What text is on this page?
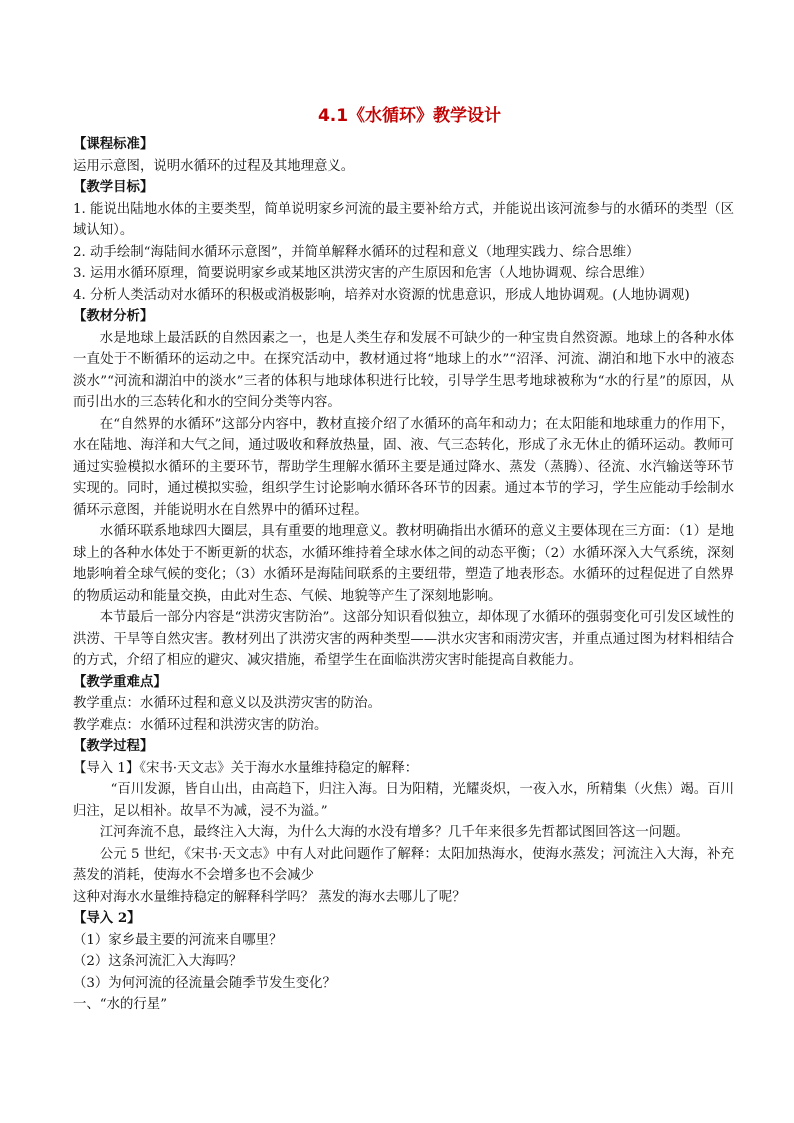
4.1《水循环》教学设计

【课程标准】

运用示意图，说明水循环的过程及其地理意义。

【教学目标】

1. 能说出陆地水体的主要类型，简单说明家乡河流的最主要补给方式，并能说出该河流参与的水循环的类型（区域认知）。

2. 动手绘制“海陆间水循环示意图”，并简单解释水循环的过程和意义（地理实践力、综合思维）

3. 运用水循环原理，简要说明家乡或某地区洪涝灾害的产生原因和危害（人地协调观、综合思维）

4. 分析人类活动对水循环的积极或消极影响，培养对水资源的忧患意识，形成人地协调观。(人地协调观)

【教材分析】

水是地球上最活跃的自然因素之一，也是人类生存和发展不可缺少的一种宝贵自然资源。地球上的各种水体一直处于不断循环的运动之中。在探究活动中，教材通过将“地球上的水”“沼泽、河流、湖泊和地下水中的液态淡水”“河流和湖泊中的淡水”三者的体积与地球体积进行比较，引导学生思考地球被称为“水的行星”的原因，从而引出水的三态转化和水的空间分类等内容。

在“自然界的水循环”这部分内容中，教材直接介绍了水循环的高年和动力；在太阳能和地球重力的作用下，水在陆地、海洋和大气之间，通过吸收和释放热量，固、液、气三态转化，形成了永无休止的循环运动。教师可通过实验模拟水循环的主要环节，帮助学生理解水循环主要是通过降水、蒸发（蒸腾）、径流、水汽输送等环节实现的。同时，通过模拟实验，组织学生讨论影响水循环各环节的因素。通过本节的学习，学生应能动手绘制水循环示意图，并能说明水在自然界中的循环过程。

水循环联系地球四大圈层，具有重要的地理意义。教材明确指出水循环的意义主要体现在三方面：（1）是地球上的各种水体处于不断更新的状态，水循环维持着全球水体之间的动态平衡；（2）水循环深入大气系统，深刻地影响着全球气候的变化；（3）水循环是海陆间联系的主要纽带，塑造了地表形态。水循环的过程促进了自然界的物质运动和能量交换，由此对生态、气候、地貌等产生了深刻地影响。

本节最后一部分内容是“洪涝灾害防治”。这部分知识看似独立，却体现了水循环的强弱变化可引发区域性的洪涝、干旱等自然灾害。教材列出了洪涝灾害的两种类型——洪水灾害和雨涝灾害，并重点通过图为材料相结合的方式，介绍了相应的避灾、减灾措施，希望学生在面临洪涝灾害时能提高自救能力。

【教学重难点】

教学重点：水循环过程和意义以及洪涝灾害的防治。

教学难点：水循环过程和洪涝灾害的防治。

【教学过程】

【导入 1】《宋书·天文志》关于海水水量维持稳定的解释：

“百川发源，皆自山出，由高趋下，归注入海。日为阳精，光耀炎炽，一夜入水，所精集（火焦）竭。百川归注，足以相补。故旱不为减，浸不为溢。”

江河奔流不息，最终注入大海，为什么大海的水没有增多？几千年来很多先哲都试图回答这一问题。

公元 5 世纪，《宋书·天文志》中有人对此问题作了解释：太阳加热海水，使海水蒸发；河流注入大海，补充蒸发的消耗，使海水不会增多也不会减少

这种对海水水量维持稳定的解释科学吗？ 蒸发的海水去哪儿了呢？

【导入 2】

（1）家乡最主要的河流来自哪里？

（2）这条河流汇入大海吗？

（3）为何河流的径流量会随季节发生变化？

一、“水的行星”
